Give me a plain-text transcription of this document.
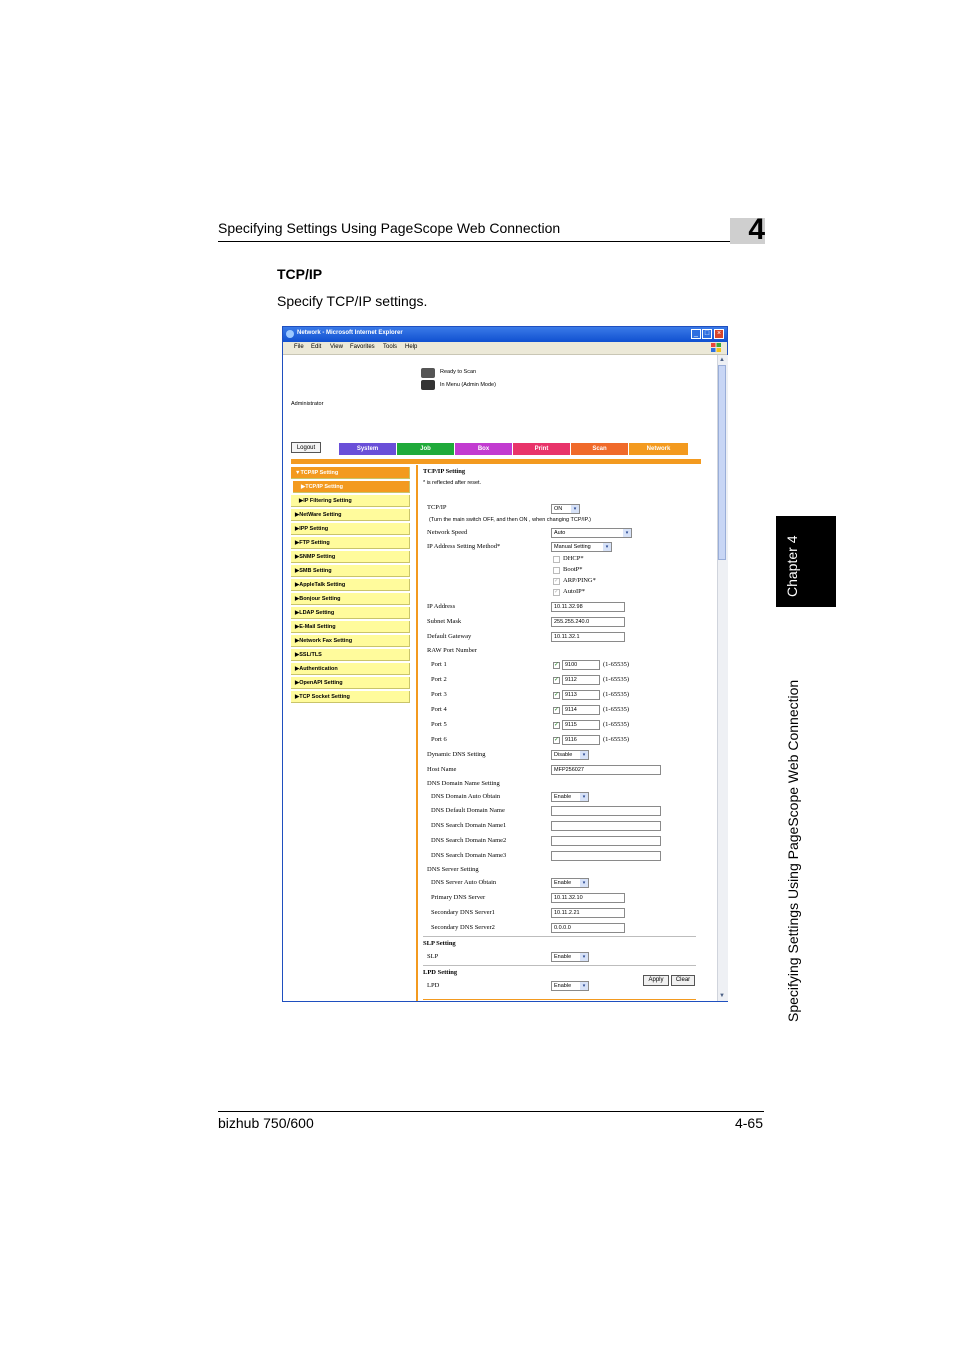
Specifying Settings Using PageScope Web Connection	4
TCP/IP
Specify TCP/IP settings.
Chapter 4
Specifying Settings Using PageScope Web Connection
bizhub 750/600	4-65
Network - Microsoft Internet Explorer	_ □	×
File Edit View Favorites Tools Help
Ready to Scan
In Menu (Admin Mode)
Administrator
Logout	System	Job	Box	Print	Scan	Network
▼TCP/IP Setting
▶TCP/IP Setting
▶IP Filtering Setting
▶NetWare Setting
▶IPP Setting
▶FTP Setting
▶SNMP Setting
▶SMB Setting
▶AppleTalk Setting
▶Bonjour Setting
▶LDAP Setting
▶E-Mail Setting
▶Network Fax Setting
▶SSL/TLS
▶Authentication
▶OpenAPI Setting
▶TCP Socket Setting
TCP/IP Setting
* is reflected after reset.
TCP/IP	ON	▾
(Turn the main switch OFF, and then ON , when changing TCP/IP.)
Network Speed	Auto	▾
IP Address Setting Method*	Manual Setting	▾
DHCP*
BootP*
✓ ARP/PING*
✓ AutoIP*
IP Address	10.11.32.98
Subnet Mask	255.255.240.0
Default Gateway	10.11.32.1
RAW Port Number
Port 1	✓	9100	(1-65535)
Port 2	✓	9112	(1-65535)
Port 3	✓	9113	(1-65535)
Port 4	✓	9114	(1-65535)
Port 5	✓	9115	(1-65535)
Port 6	✓	9116	(1-65535)
Dynamic DNS Setting	Disable	▾
Host Name	MFP256027
DNS Domain Name Setting
DNS Domain Auto Obtain	Enable	▾
DNS Default Domain Name
DNS Search Domain Name1
DNS Search Domain Name2
DNS Search Domain Name3
DNS Server Setting
DNS Server Auto Obtain	Enable	▾
Primary DNS Server	10.11.32.10
Secondary DNS Server1	10.11.2.21
Secondary DNS Server2	0.0.0.0
SLP Setting
SLP	Enable	▾
LPD Setting
LPD	Enable	▾
Apply	Clear
▲
▼
